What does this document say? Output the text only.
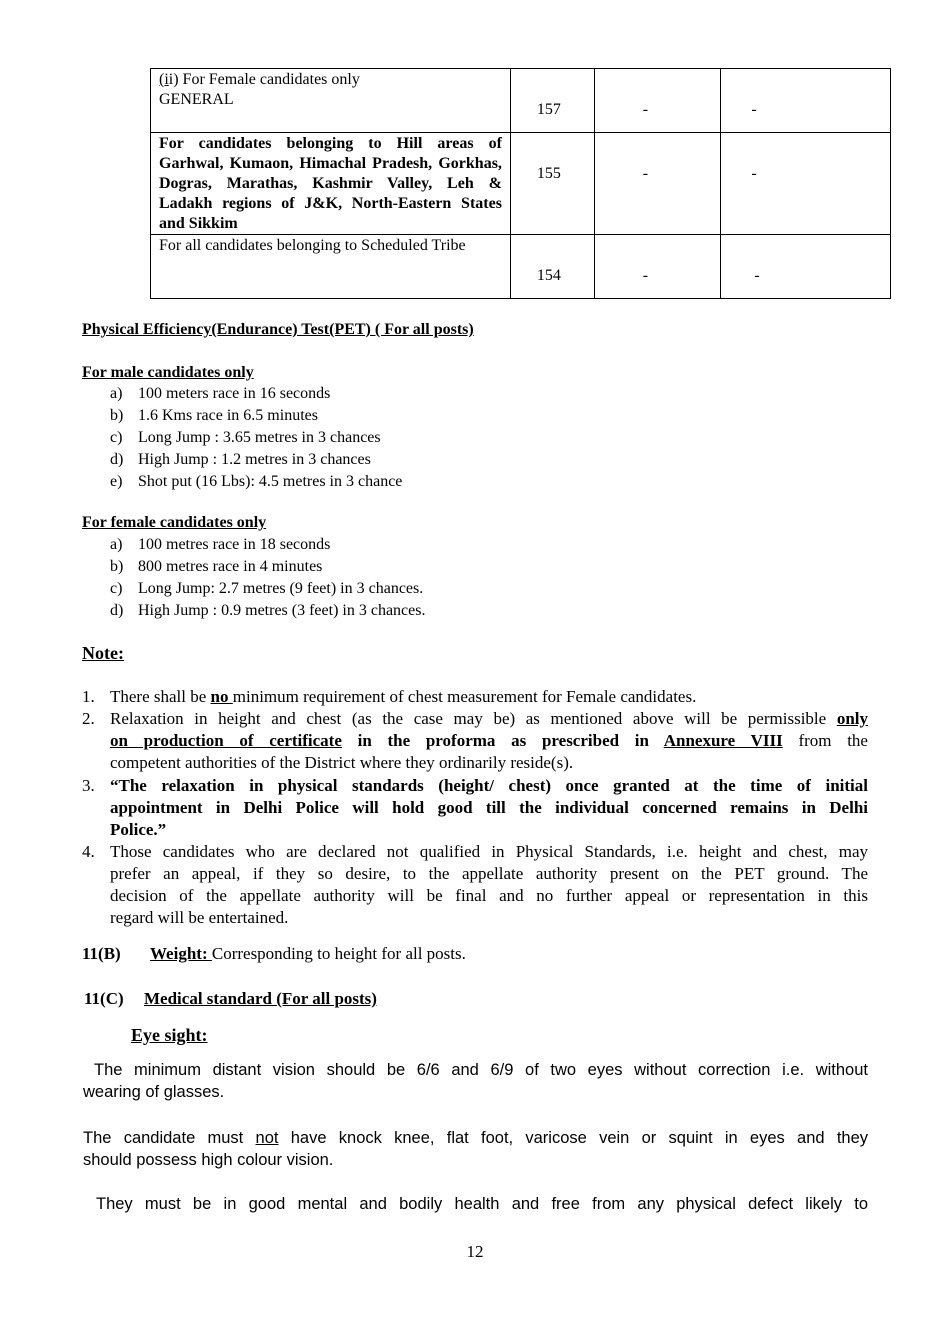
(ii) For Female candidates only
GENERAL	157	-	-

For candidates belonging to Hill areas of Garhwal, Kumaon, Himachal Pradesh, Gorkhas, Dogras, Marathas, Kashmir Valley, Leh & Ladakh regions of J&K, North-Eastern States and Sikkim	155	-	-

For all candidates belonging to Scheduled Tribe	154	-	-
Physical Efficiency(Endurance) Test(PET) ( For all posts)
For male candidates only
a) 100 meters race in 16 seconds
b) 1.6 Kms race in 6.5 minutes
c) Long Jump : 3.65 metres in 3 chances
d) High Jump : 1.2 metres in 3 chances
e) Shot put (16 Lbs): 4.5 metres in 3 chance
For female candidates only
a) 100 metres race in 18 seconds
b) 800 metres race in 4 minutes
c) Long Jump: 2.7 metres (9 feet) in 3 chances.
d) High Jump : 0.9 metres (3 feet) in 3 chances.
Note:
1. There shall be no minimum requirement of chest measurement for Female candidates.
2. Relaxation in height and chest (as the case may be) as mentioned above will be permissible only
on production of certificate in the proforma as prescribed in Annexure VIII from the
competent authorities of the District where they ordinarily reside(s).
3. “The relaxation in physical standards (height/ chest) once granted at the time of initial
appointment in Delhi Police will hold good till the individual concerned remains in Delhi
Police.”
4. Those candidates who are declared not qualified in Physical Standards, i.e. height and chest, may
prefer an appeal, if they so desire, to the appellate authority present on the PET ground. The
decision of the appellate authority will be final and no further appeal or representation in this
regard will be entertained.
11(B) Weight: Corresponding to height for all posts.
11(C) Medical standard (For all posts)
Eye sight:
The minimum distant vision should be 6/6 and 6/9 of two eyes without correction i.e. without
wearing of glasses.
The candidate must not have knock knee, flat foot, varicose vein or squint in eyes and they
should possess high colour vision.
They must be in good mental and bodily health and free from any physical defect likely to
12
